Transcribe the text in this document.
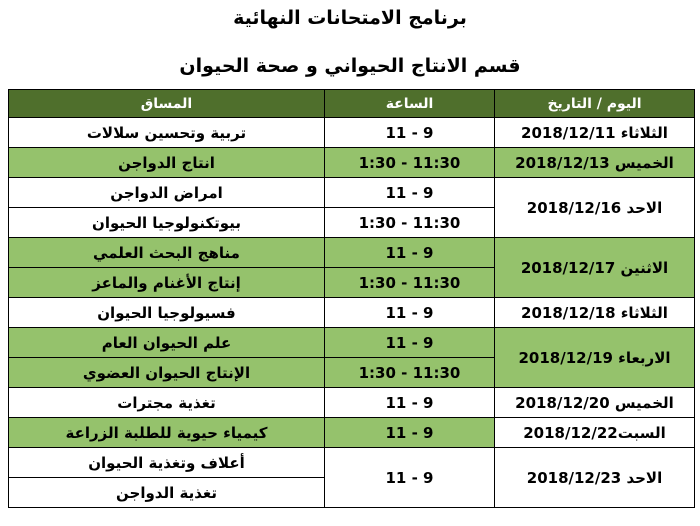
برنامج الامتحانات النهائية
قسم الانتاج الحيواني و صحة الحيوان
اليوم / التاريخ	الساعة	المساق
الثلاثاء 2018/12/11	9 - 11	تربية وتحسين سلالات
الخميس 2018/12/13	11:30 - 1:30	انتاج الدواجن
الاحد 2018/12/16	9 - 11	امراض الدواجن
	11:30 - 1:30	بيوتكنولوجيا الحيوان
الاثنين 2018/12/17	9 - 11	مناهج البحث العلمي
	11:30 - 1:30	إنتاج الأغنام والماعز
الثلاثاء 2018/12/18	9 - 11	فسيولوجيا الحيوان
الاربعاء 2018/12/19	9 - 11	علم الحيوان العام
	11:30 - 1:30	الإنتاج الحيوان العضوي
الخميس 2018/12/20	9 - 11	تغذية مجترات
السبت2018/12/22	9 - 11	كيمياء حيوية للطلبة الزراعة
الاحد 2018/12/23	9 - 11	أعلاف وتغذية الحيوان
		تغذية الدواجن
